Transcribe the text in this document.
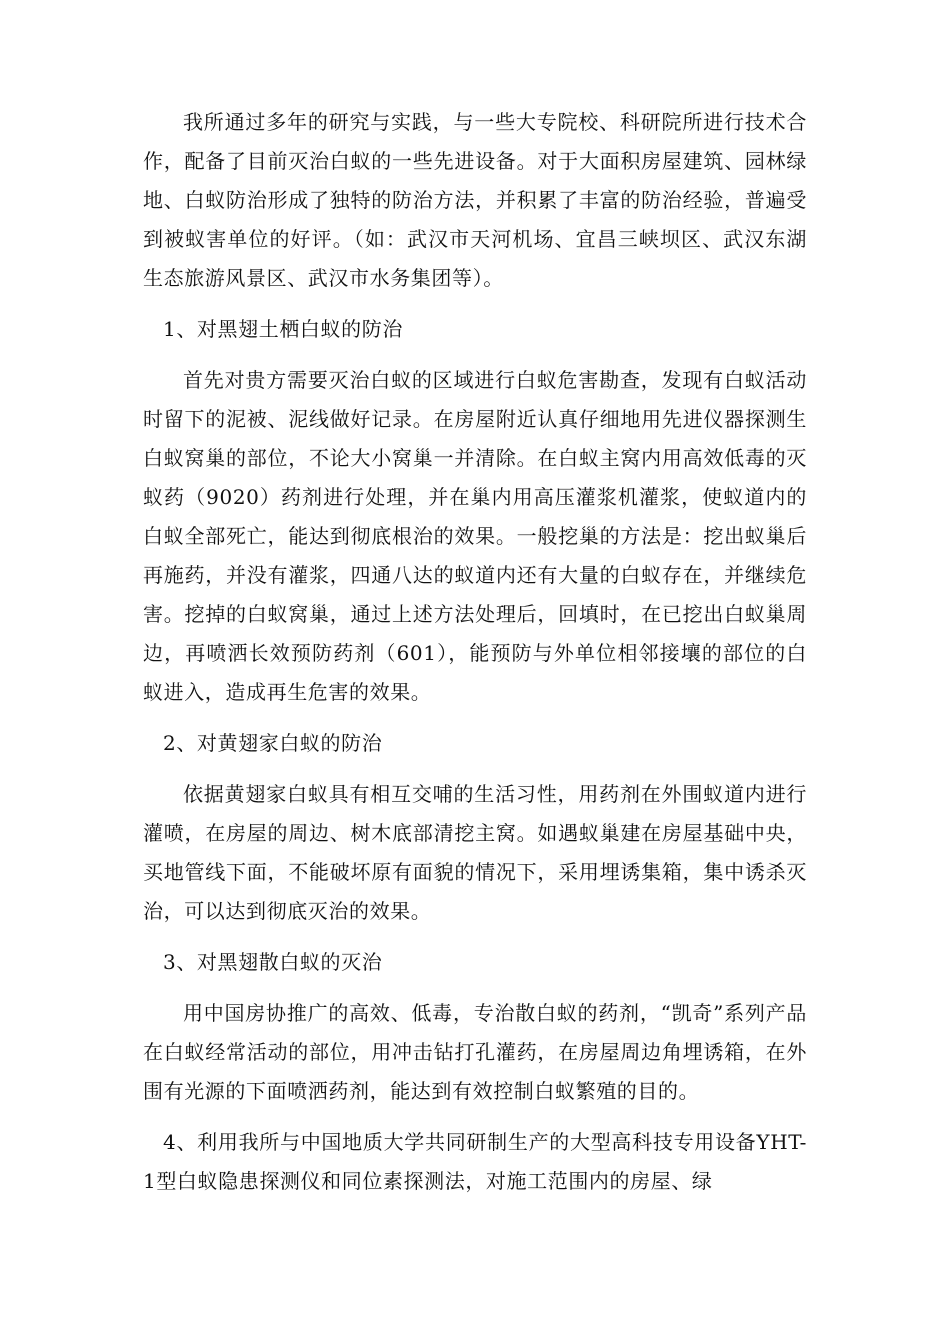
我所通过多年的研究与实践，与一些大专院校、科研院所进行技术合作，配备了目前灭治白蚁的一些先进设备。对于大面积房屋建筑、园林绿地、白蚁防治形成了独特的防治方法，并积累了丰富的防治经验，普遍受到被蚁害单位的好评。（如：武汉市天河机场、宜昌三峡坝区、武汉东湖生态旅游风景区、武汉市水务集团等）。

1、对黑翅土栖白蚁的防治

首先对贵方需要灭治白蚁的区域进行白蚁危害勘查，发现有白蚁活动时留下的泥被、泥线做好记录。在房屋附近认真仔细地用先进仪器探测生白蚁窝巢的部位，不论大小窝巢一并清除。在白蚁主窝内用高效低毒的灭蚁药（9020）药剂进行处理，并在巢内用高压灌浆机灌浆，使蚁道内的白蚁全部死亡，能达到彻底根治的效果。一般挖巢的方法是：挖出蚁巢后再施药，并没有灌浆，四通八达的蚁道内还有大量的白蚁存在，并继续危害。挖掉的白蚁窝巢，通过上述方法处理后，回填时，在已挖出白蚁巢周边，再喷洒长效预防药剂（601），能预防与外单位相邻接壤的部位的白蚁进入，造成再生危害的效果。

2、对黄翅家白蚁的防治

依据黄翅家白蚁具有相互交哺的生活习性，用药剂在外围蚁道内进行灌喷，在房屋的周边、树木底部清挖主窝。如遇蚁巢建在房屋基础中央，买地管线下面，不能破坏原有面貌的情况下，采用埋诱集箱，集中诱杀灭治，可以达到彻底灭治的效果。

3、对黑翅散白蚁的灭治

用中国房协推广的高效、低毒，专治散白蚁的药剂，“凯奇”系列产品在白蚁经常活动的部位，用冲击钻打孔灌药，在房屋周边角埋诱箱，在外围有光源的下面喷洒药剂，能达到有效控制白蚁繁殖的目的。

4、利用我所与中国地质大学共同研制生产的大型高科技专用设备YHT-1型白蚁隐患探测仪和同位素探测法，对施工范围内的房屋、绿
